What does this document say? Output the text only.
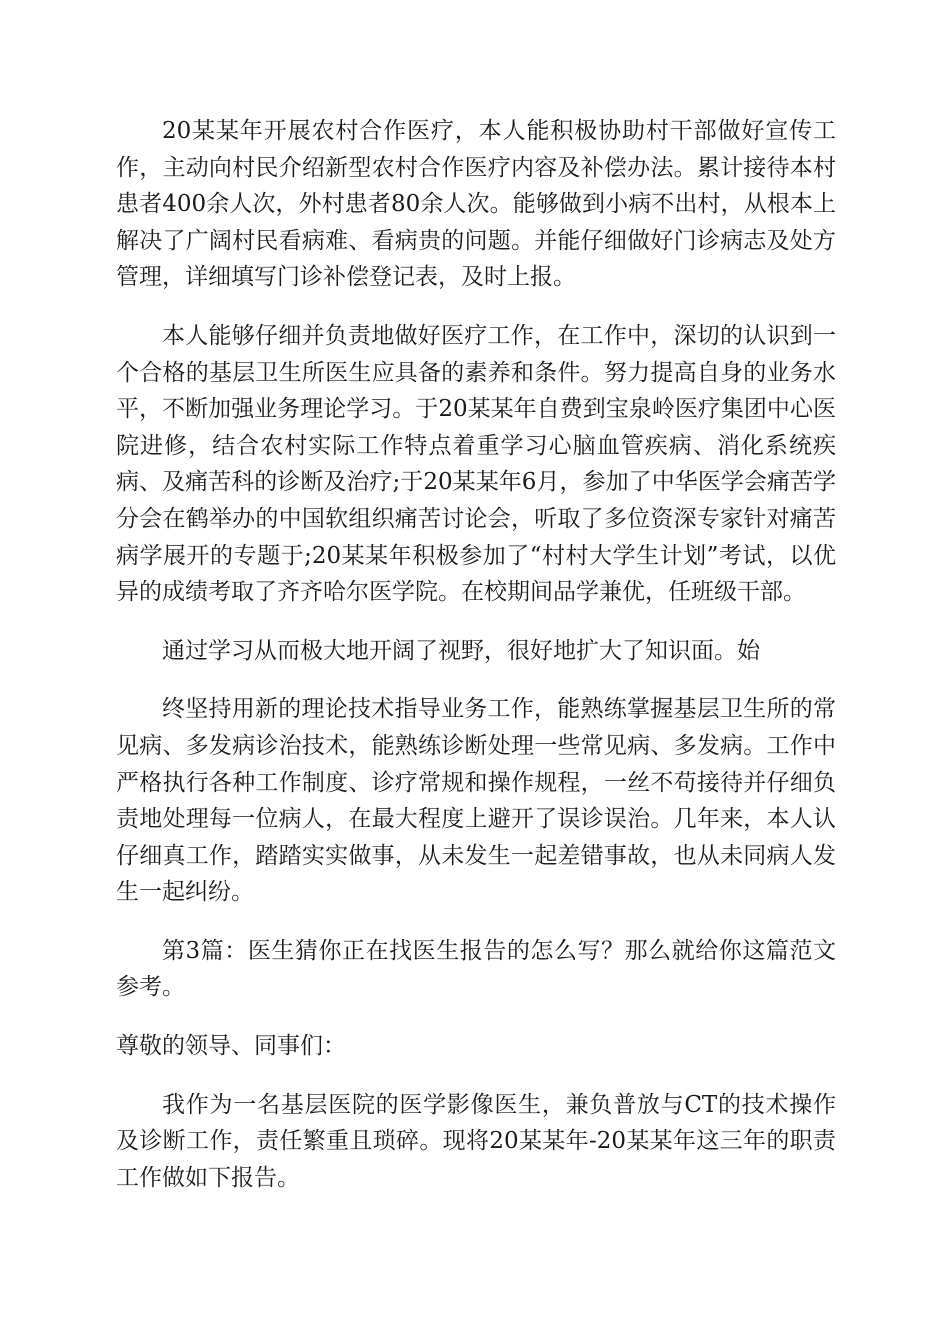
20某某年开展农村合作医疗，本人能积极协助村干部做好宣传工作，主动向村民介绍新型农村合作医疗内容及补偿办法。累计接待本村患者400余人次，外村患者80余人次。能够做到小病不出村，从根本上解决了广阔村民看病难、看病贵的问题。并能仔细做好门诊病志及处方管理，详细填写门诊补偿登记表，及时上报。

本人能够仔细并负责地做好医疗工作，在工作中，深切的认识到一个合格的基层卫生所医生应具备的素养和条件。努力提高自身的业务水平，不断加强业务理论学习。于20某某年自费到宝泉岭医疗集团中心医院进修，结合农村实际工作特点着重学习心脑血管疾病、消化系统疾病、及痛苦科的诊断及治疗;于20某某年6月，参加了中华医学会痛苦学分会在鹤举办的中国软组织痛苦讨论会，听取了多位资深专家针对痛苦病学展开的专题于;20某某年积极参加了“村村大学生计划”考试，以优异的成绩考取了齐齐哈尔医学院。在校期间品学兼优，任班级干部。

通过学习从而极大地开阔了视野，很好地扩大了知识面。始

终坚持用新的理论技术指导业务工作，能熟练掌握基层卫生所的常见病、多发病诊治技术，能熟练诊断处理一些常见病、多发病。工作中严格执行各种工作制度、诊疗常规和操作规程，一丝不苟接待并仔细负责地处理每一位病人，在最大程度上避开了误诊误治。几年来，本人认仔细真工作，踏踏实实做事，从未发生一起差错事故，也从未同病人发生一起纠纷。

第3篇：医生猜你正在找医生报告的怎么写？那么就给你这篇范文参考。

尊敬的领导、同事们：

我作为一名基层医院的医学影像医生，兼负普放与CT的技术操作及诊断工作，责任繁重且琐碎。现将20某某年-20某某年这三年的职责工作做如下报告。
